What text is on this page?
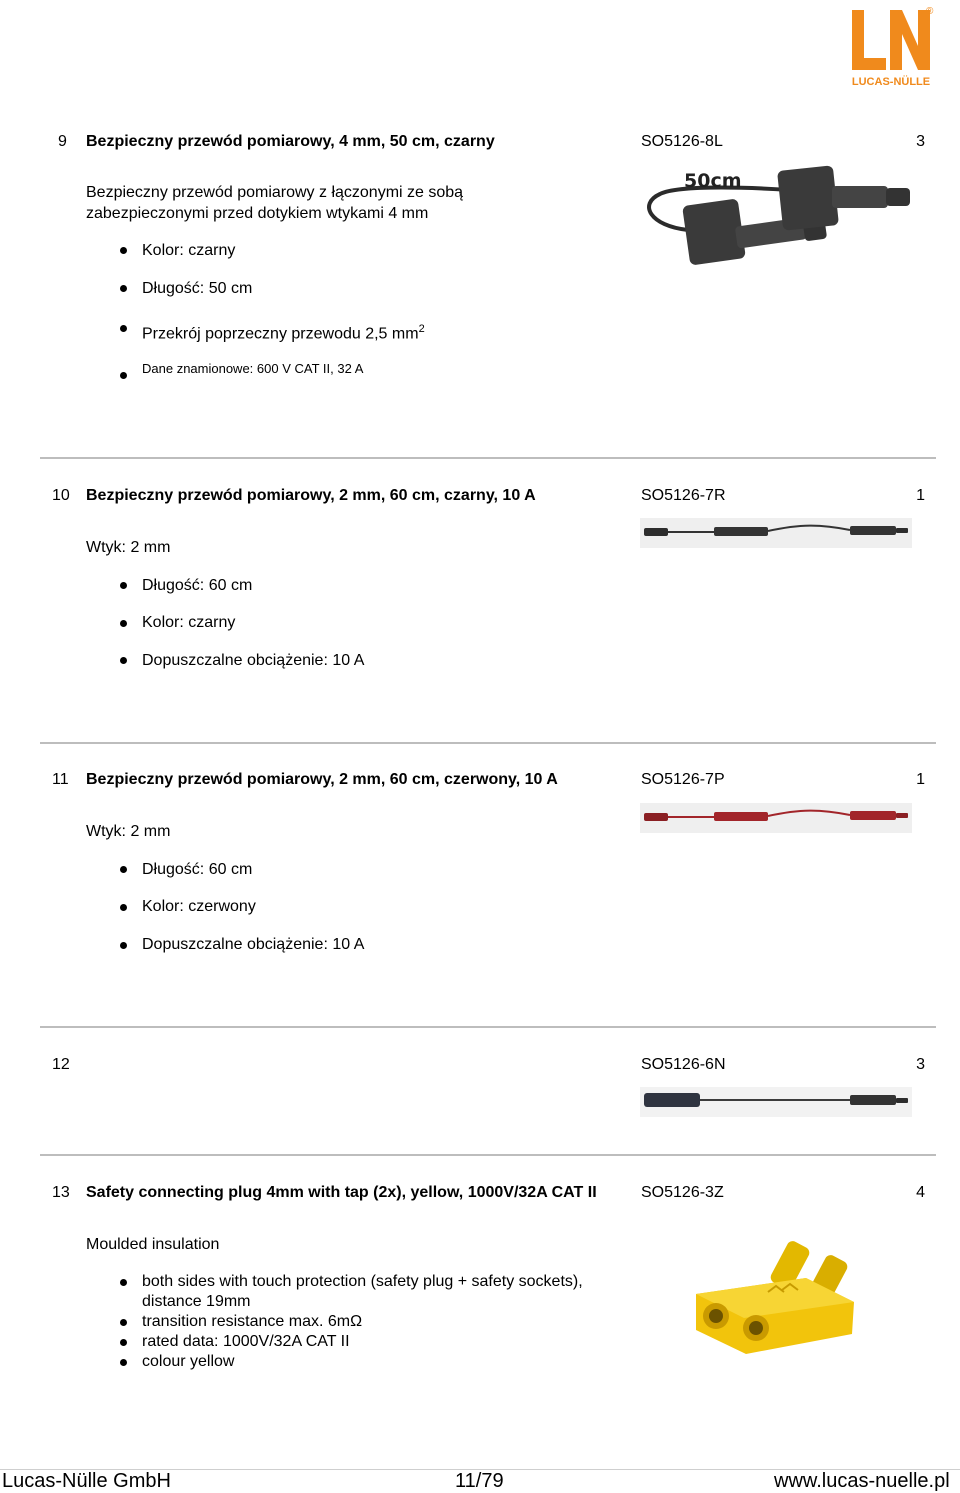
®
LUCAS-NÜLLE
9 Bezpieczny przewód pomiarowy, 4 mm, 50 cm, czarny	SO5126-8L	3
Bezpieczny przewód pomiarowy z łączonymi ze sobą
zabezpieczonymi przed dotykiem wtykami 4 mm
Kolor: czarny
Długość: 50 cm
Przekrój poprzeczny przewodu 2,5 $mm^2$
Dane znamionowe: 600 V CAT II, 32 A
50cm
10 Bezpieczny przewód pomiarowy, 2 mm, 60 cm, czarny, 10 A	SO5126-7R	1
Wtyk: 2 mm
Długość: 60 cm
Kolor: czarny
Dopuszczalne obciążenie: 10 A
11 Bezpieczny przewód pomiarowy, 2 mm, 60 cm, czerwony, 10 A	SO5126-7P	1
Wtyk: 2 mm
Długość: 60 cm
Kolor: czerwony
Dopuszczalne obciążenie: 10 A
12	SO5126-6N	3
13 Safety connecting plug 4mm with tap (2x), yellow, 1000V/32A CAT II	SO5126-3Z	4
Moulded insulation
both sides with touch protection (safety plug + safety sockets),
distance 19mm
transition resistance max. 6mΩ
rated data: 1000V/32A CAT II
colour yellow
Lucas-Nülle GmbH	11/79	www.lucas-nuelle.pl
